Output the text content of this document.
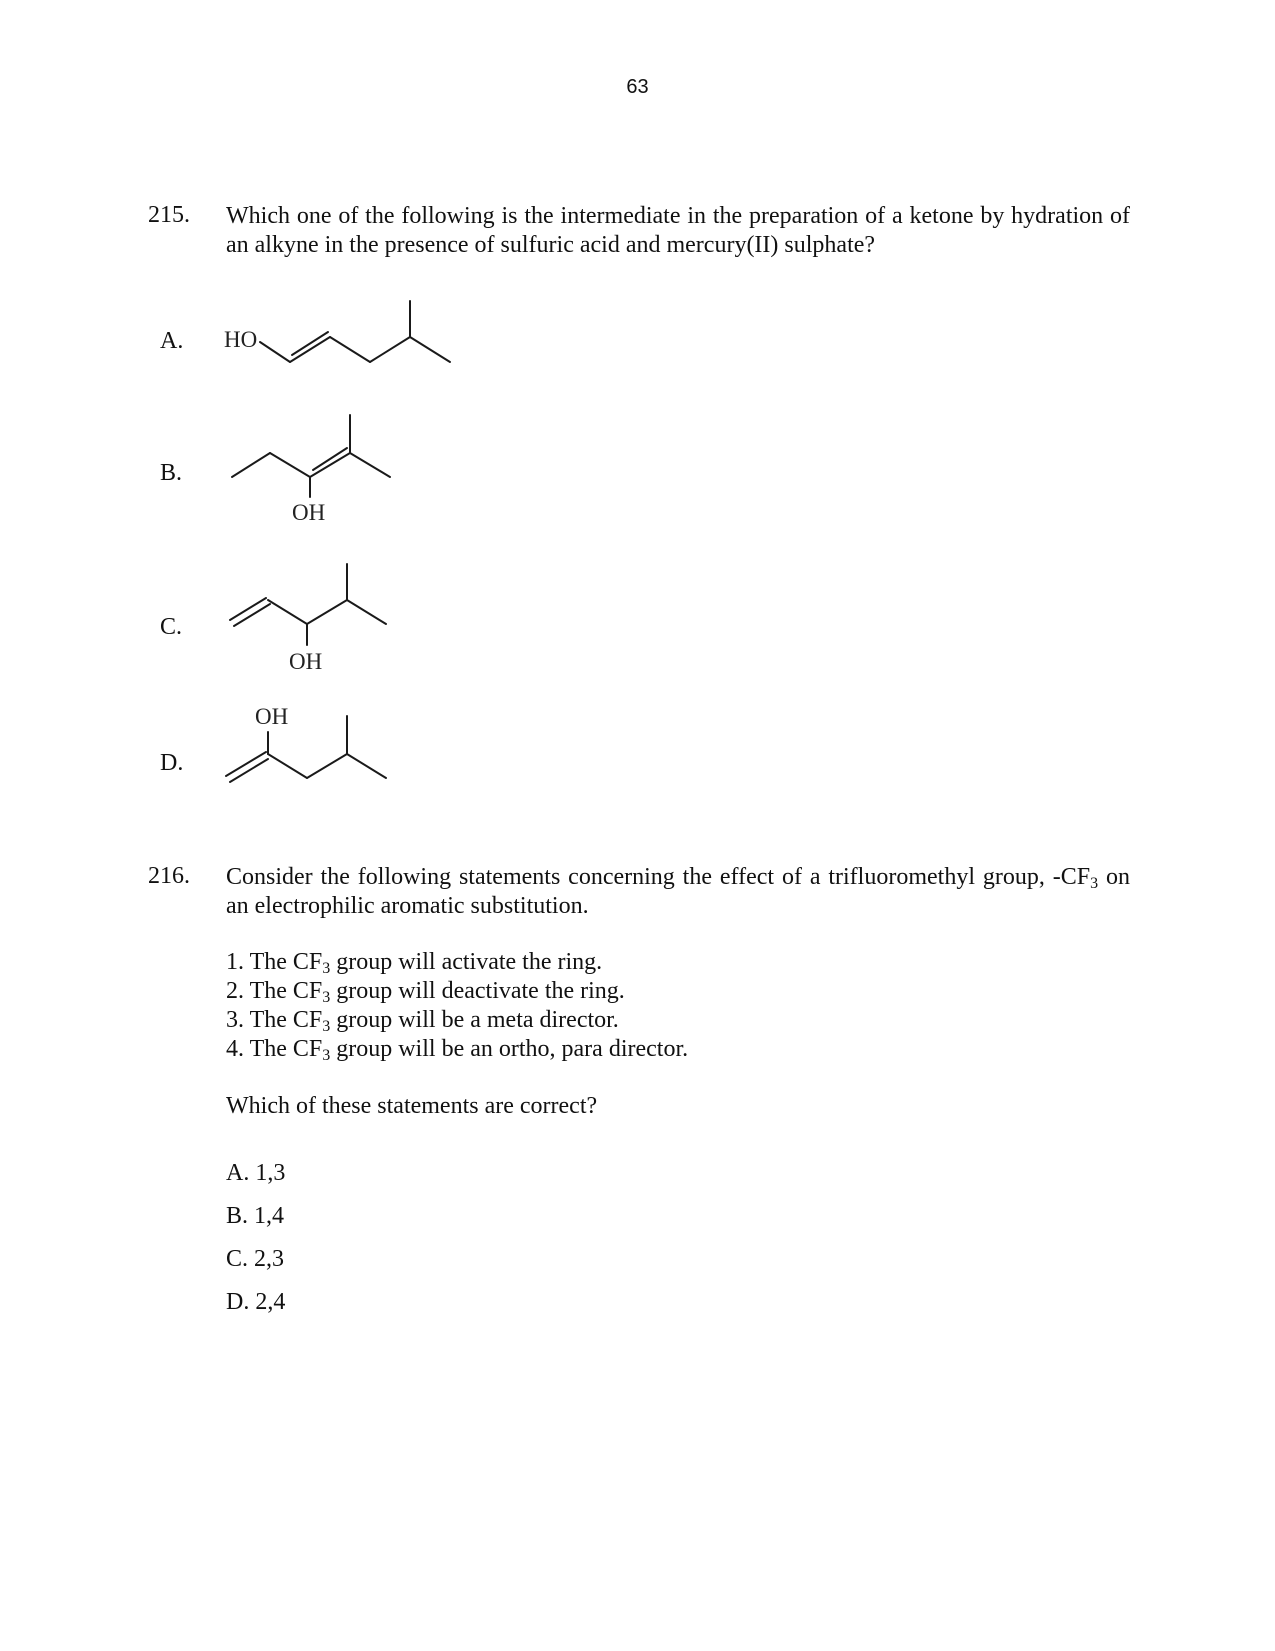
63
215. Which one of the following is the intermediate in the preparation of a ketone by hydration of an alkyne in the presence of sulfuric acid and mercury(II) sulphate?
A. HO
B.
OH
C.
OH
D.
OH
216. Consider the following statements concerning the effect of a trifluoromethyl group, $-CF_3$ on an electrophilic aromatic substitution.
1. The $CF_3$ group will activate the ring.
2. The $CF_3$ group will deactivate the ring.
3. The $CF_3$ group will be a meta director.
4. The $CF_3$ group will be an ortho, para director.
Which of these statements are correct?
A. 1,3
B. 1,4
C. 2,3
D. 2,4
